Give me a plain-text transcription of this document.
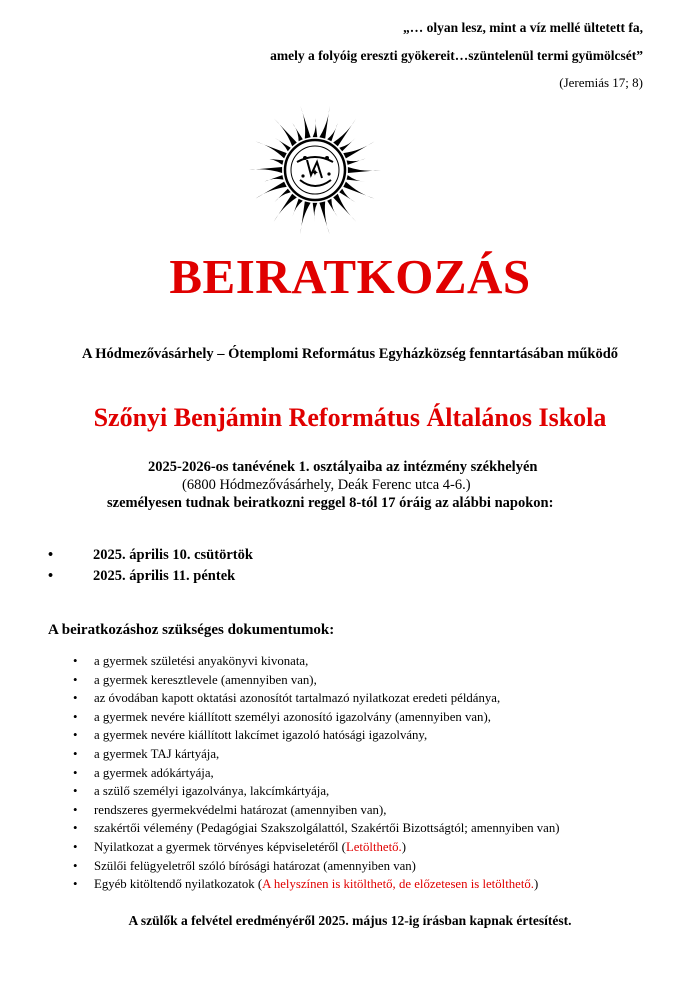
„… olyan lesz, mint a víz mellé ültetett fa,
amely a folyóig ereszti gyökereit…szüntelenül termi gyümölcsét”
(Jeremiás 17; 8)
✦
BEIRATKOZÁS
A Hódmezővásárhely – Ótemplomi Református Egyházközség fenntartásában működő
Szőnyi Benjámin Református Általános Iskola
2025-2026-os tanévének 1. osztályaiba az intézmény székhelyén
(6800 Hódmezővásárhely, Deák Ferenc utca 4-6.)
személyesen tudnak beiratkozni reggel 8-tól 17 óráig az alábbi napokon:
•	2025. április 10. csütörtök
•	2025. április 11. péntek
A beiratkozáshoz szükséges dokumentumok:
• a gyermek születési anyakönyvi kivonata,
• a gyermek keresztlevele (amennyiben van),
• az óvodában kapott oktatási azonosítót tartalmazó nyilatkozat eredeti példánya,
• a gyermek nevére kiállított személyi azonosító igazolvány (amennyiben van),
• a gyermek nevére kiállított lakcímet igazoló hatósági igazolvány,
• a gyermek TAJ kártyája,
• a gyermek adókártyája,
• a szülő személyi igazolványa, lakcímkártyája,
• rendszeres gyermekvédelmi határozat (amennyiben van),
• szakértői vélemény (Pedagógiai Szakszolgálattól, Szakértői Bizottságtól; amennyiben van)
• Nyilatkozat a gyermek törvényes képviseletéről (Letölthető.)
• Szülői felügyeletről szóló bírósági határozat (amennyiben van)
• Egyéb kitöltendő nyilatkozatok (A helyszínen is kitölthető, de előzetesen is letölthető.)
A szülők a felvétel eredményéről 2025. május 12-ig írásban kapnak értesítést.
